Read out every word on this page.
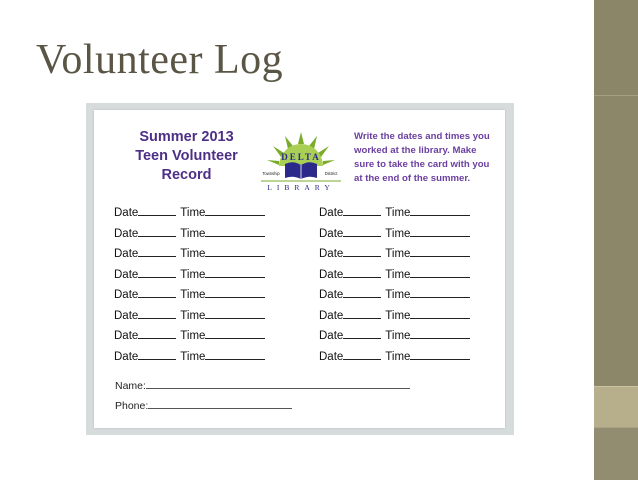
Volunteer Log
Summer 2013
Teen Volunteer
Record
DELTA
Township	District
LIBRARY
Write the dates and times you
worked at the library. Make
sure to take the card with you
at the end of the summer.
Date	Time
Date	Time
Date	Time
Date	Time
Date	Time
Date	Time
Date	Time
Date	Time
Date	Time
Date	Time
Date	Time
Date	Time
Date	Time
Date	Time
Date	Time
Date	Time
Name:
Phone:
